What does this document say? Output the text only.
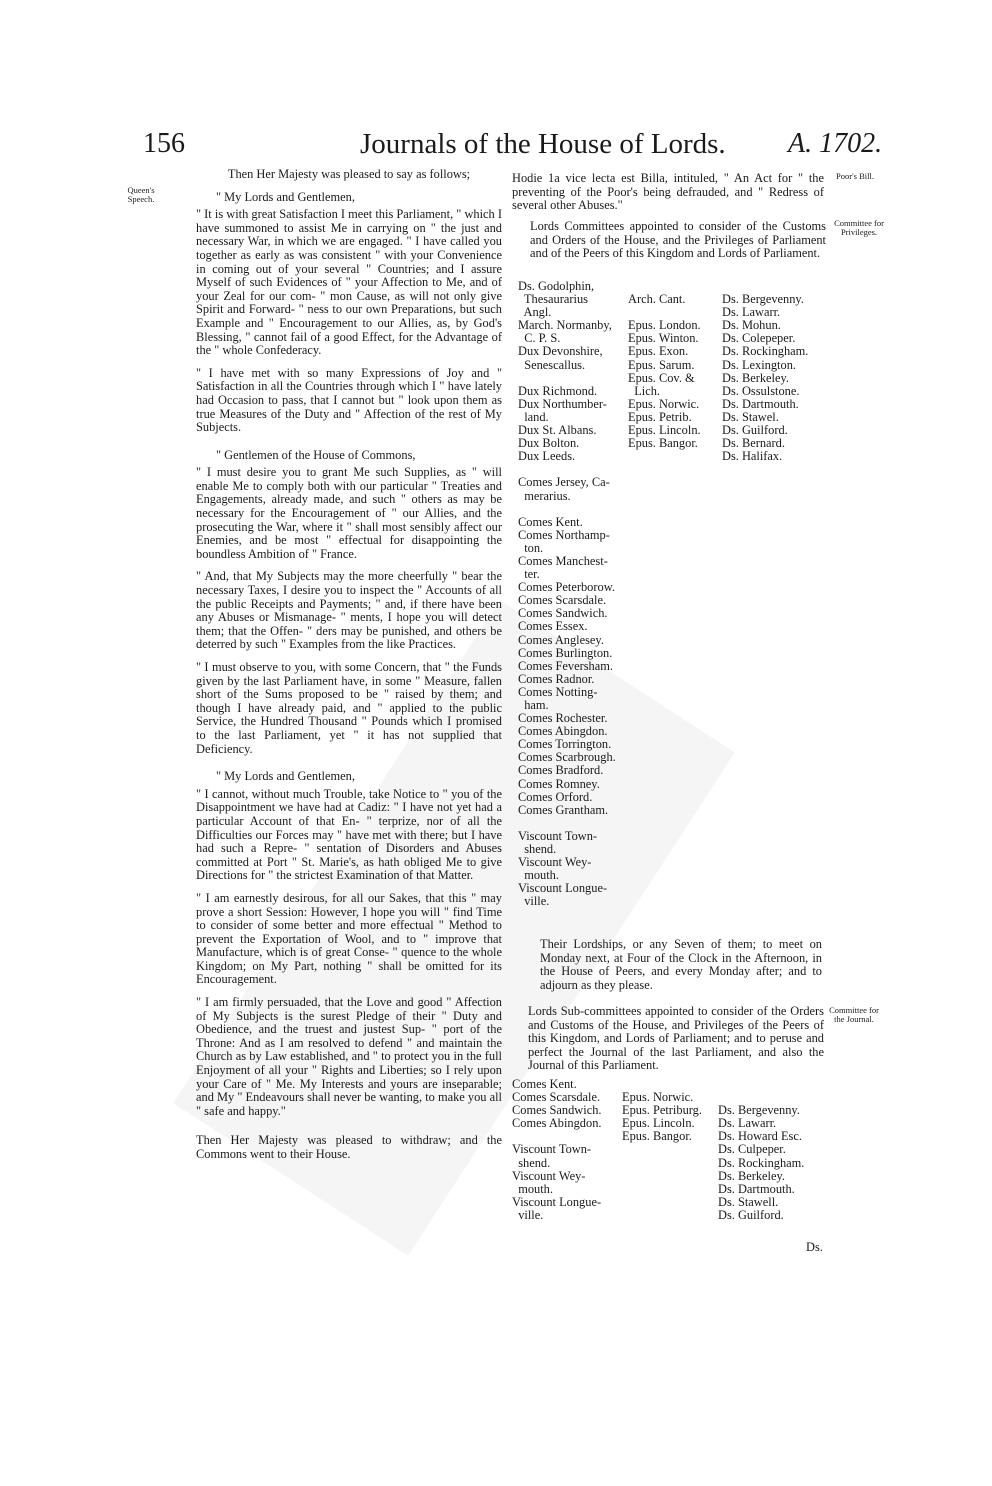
156	Journals of the House of Lords. A. 1702.
Queen's Speech.
Poor's Bill.
Committee for Privileges.
Committee for the Journal.

Then Her Majesty was pleased to say as follows;

" My Lords and Gentlemen,

" It is with great Satisfaction I meet this Parliament, " which I have summoned to assist Me in carrying on " the just and necessary War, in which we are engaged. " I have called you together as early as was consistent " with your Convenience in coming out of your several " Countries; and I assure Myself of such Evidences of " your Affection to Me, and of your Zeal for our com- " mon Cause, as will not only give Spirit and Forward- " ness to our own Preparations, but such Example and " Encouragement to our Allies, as, by God's Blessing, " cannot fail of a good Effect, for the Advantage of the " whole Confederacy.

" I have met with so many Expressions of Joy and " Satisfaction in all the Countries through which I " have lately had Occasion to pass, that I cannot but " look upon them as true Measures of the Duty and " Affection of the rest of My Subjects.

" Gentlemen of the House of Commons,

" I must desire you to grant Me such Supplies, as " will enable Me to comply both with our particular " Treaties and Engagements, already made, and such " others as may be necessary for the Encouragement of " our Allies, and the prosecuting the War, where it " shall most sensibly affect our Enemies, and be most " effectual for disappointing the boundless Ambition of " France.

" And, that My Subjects may the more cheerfully " bear the necessary Taxes, I desire you to inspect the " Accounts of all the public Receipts and Payments; " and, if there have been any Abuses or Mismanage- " ments, I hope you will detect them; that the Offen- " ders may be punished, and others be deterred by such " Examples from the like Practices.

" I must observe to you, with some Concern, that " the Funds given by the last Parliament have, in some " Measure, fallen short of the Sums proposed to be " raised by them; and though I have already paid, and " applied to the public Service, the Hundred Thousand " Pounds which I promised to the last Parliament, yet " it has not supplied that Deficiency.

" My Lords and Gentlemen,

" I cannot, without much Trouble, take Notice to " you of the Disappointment we have had at Cadiz: " I have not yet had a particular Account of that En- " terprize, nor of all the Difficulties our Forces may " have met with there; but I have had such a Repre- " sentation of Disorders and Abuses committed at Port " St. Marie's, as hath obliged Me to give Directions for " the strictest Examination of that Matter.

" I am earnestly desirous, for all our Sakes, that this " may prove a short Session: However, I hope you will " find Time to consider of some better and more effectual " Method to prevent the Exportation of Wool, and to " improve that Manufacture, which is of great Conse- " quence to the whole Kingdom; on My Part, nothing " shall be omitted for its Encouragement.

" I am firmly persuaded, that the Love and good " Affection of My Subjects is the surest Pledge of their " Duty and Obedience, and the truest and justest Sup- " port of the Throne: And as I am resolved to defend " and maintain the Church as by Law established, and " to protect you in the full Enjoyment of all your " Rights and Liberties; so I rely upon your Care of " Me. My Interests and yours are inseparable; and My " Endeavours shall never be wanting, to make you all " safe and happy."

Then Her Majesty was pleased to withdraw; and the Commons went to their House.

Hodie 1a vice lecta est Billa, intituled, " An Act for " the preventing of the Poor's being defrauded, and " Redress of several other Abuses."
Lords Committees appointed to consider of the Customs and Orders of the House, and the Privileges of Parliament and of the Peers of this Kingdom and Lords of Parliament.
Ds. Godolphin,
Thesaurarius
Angl.
March. Normanby,
C. P. S.
Dux Devonshire,
Senescallus.
Dux Richmond.
Dux Northumber-
land.
Dux St. Albans.
Dux Bolton.
Dux Leeds.
Comes Jersey, Ca-
merarius.
Comes Kent.
Comes Northamp-
ton.
Comes Manchest-
ter.
Comes Peterborow.
Comes Scarsdale.
Comes Sandwich.
Comes Essex.
Comes Anglesey.
Comes Burlington.
Comes Feversham.
Comes Radnor.
Comes Notting-
ham.
Comes Rochester.
Comes Abingdon.
Comes Torrington.
Comes Scarbrough.
Comes Bradford.
Comes Romney.
Comes Orford.
Comes Grantham.
Viscount Town-
shend.
Viscount Wey-
mouth.
Viscount Longue-
ville.
Arch. Cant.
Epus. London.
Epus. Winton.
Epus. Exon.
Epus. Sarum.
Epus. Cov. &
Lich.
Epus. Norwic.
Epus. Petrib.
Epus. Lincoln.
Epus. Bangor.
Ds. Bergevenny.
Ds. Lawarr.
Ds. Mohun.
Ds. Colepeper.
Ds. Rockingham.
Ds. Lexington.
Ds. Berkeley.
Ds. Ossulstone.
Ds. Dartmouth.
Ds. Stawel.
Ds. Guilford.
Ds. Bernard.
Ds. Halifax.
Their Lordships, or any Seven of them; to meet on Monday next, at Four of the Clock in the Afternoon, in the House of Peers, and every Monday after; and to adjourn as they please.
Lords Sub-committees appointed to consider of the Orders and Customs of the House, and Privileges of the Peers of this Kingdom, and Lords of Parliament; and to peruse and perfect the Journal of the last Parliament, and also the Journal of this Parliament.
Comes Kent.
Comes Scarsdale.
Comes Sandwich.
Comes Abingdon.
Viscount Town-
shend.
Viscount Wey-
mouth.
Viscount Longue-
ville.
Epus. Norwic.
Epus. Petriburg.
Epus. Lincoln.
Epus. Bangor.
Ds. Bergevenny.
Ds. Lawarr.
Ds. Howard Esc.
Ds. Culpeper.
Ds. Rockingham.
Ds. Berkeley.
Ds. Dartmouth.
Ds. Stawell.
Ds. Guilford.
Ds.
